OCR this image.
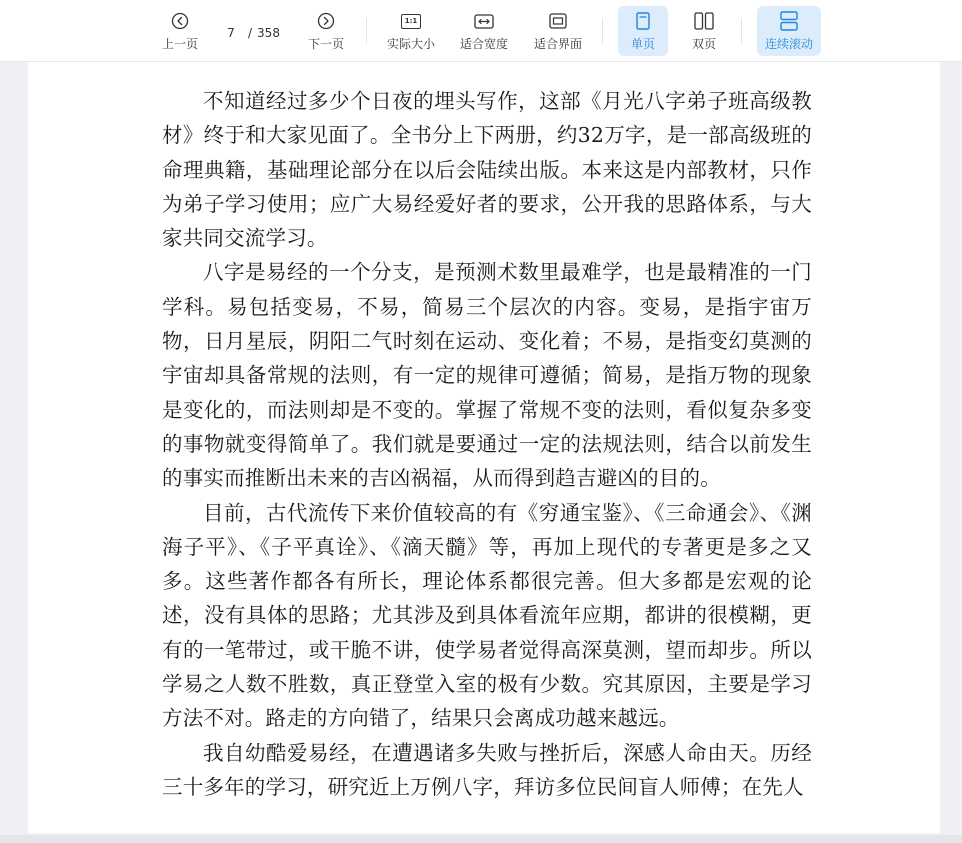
上一页
7
/ 358
下一页
1:1
实际大小 适合宽度 适合界面	单页	双页	连续滚动

不知道经过多少个日夜的埋头写作，这部《月光八字弟子班高级教材》终于和大家见面了。全书分上下两册，约32万字，是一部高级班的命理典籍，基础理论部分在以后会陆续出版。本来这是内部教材，只作为弟子学习使用；应广大易经爱好者的要求，公开我的思路体系，与大家共同交流学习。

八字是易经的一个分支，是预测术数里最难学，也是最精准的一门学科。易包括变易，不易，简易三个层次的内容。变易，是指宇宙万物，日月星辰，阴阳二气时刻在运动、变化着；不易，是指变幻莫测的宇宙却具备常规的法则，有一定的规律可遵循；简易，是指万物的现象是变化的，而法则却是不变的。掌握了常规不变的法则，看似复杂多变的事物就变得简单了。我们就是要通过一定的法规法则，结合以前发生的事实而推断出未来的吉凶祸福，从而得到趋吉避凶的目的。

目前，古代流传下来价值较高的有《穷通宝鉴》、《三命通会》、《渊海子平》、《子平真诠》、《滴天髓》等，再加上现代的专著更是多之又多。这些著作都各有所长，理论体系都很完善。但大多都是宏观的论述，没有具体的思路；尤其涉及到具体看流年应期，都讲的很模糊，更有的一笔带过，或干脆不讲，使学易者觉得高深莫测，望而却步。所以学易之人数不胜数，真正登堂入室的极有少数。究其原因，主要是学习方法不对。路走的方向错了，结果只会离成功越来越远。

我自幼酷爱易经，在遭遇诸多失败与挫折后，深感人命由天。历经三十多年的学习，研究近上万例八字，拜访多位民间盲人师傅；在先人
